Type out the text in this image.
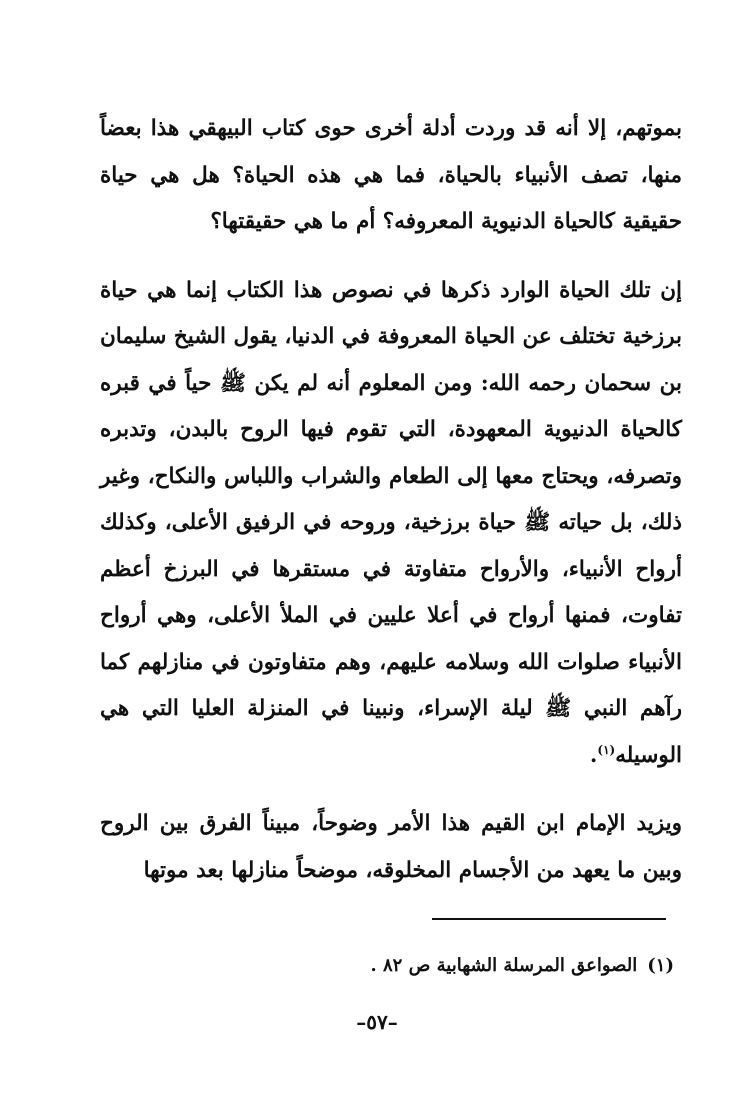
بموتهم، إلا أنه قد وردت أدلة أخرى حوى كتاب البيهقي هذا بعضاً منها، تصف الأنبياء بالحياة، فما هي هذه الحياة؟ هل هي حياة حقيقية كالحياة الدنيوية المعروفه؟ أم ما هي حقيقتها؟

إن تلك الحياة الوارد ذكرها في نصوص هذا الكتاب إنما هي حياة برزخية تختلف عن الحياة المعروفة في الدنيا، يقول الشيخ سليمان بن سحمان رحمه الله: ومن المعلوم أنه لم يكن ﷺ حياً في قبره كالحياة الدنيوية المعهودة، التي تقوم فيها الروح بالبدن، وتدبره وتصرفه، ويحتاج معها إلى الطعام والشراب واللباس والنكاح، وغير ذلك، بل حياته ﷺ حياة برزخية، وروحه في الرفيق الأعلى، وكذلك أرواح الأنبياء، والأرواح متفاوتة في مستقرها في البرزخ أعظم تفاوت، فمنها أرواح في أعلا عليين في الملأ الأعلى، وهي أرواح الأنبياء صلوات الله وسلامه عليهم، وهم متفاوتون في منازلهم كما رآهم النبي ﷺ ليلة الإسراء، ونبينا في المنزلة العليا التي هي الوسيله$^{(١)}$.

ويزيد الإمام ابن القيم هذا الأمر وضوحاً، مبيناً الفرق بين الروح وبين ما يعهد من الأجسام المخلوقه، موضحاً منازلها بعد موتها

(١)الصواعق المرسلة الشهابية ص ٨٢ .
–٥٧–
